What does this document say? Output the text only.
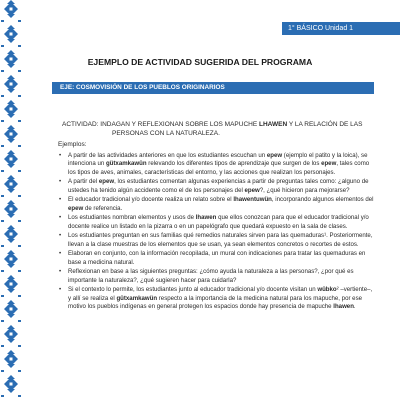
1° BÁSICO Unidad 1
EJEMPLO DE ACTIVIDAD SUGERIDA DEL PROGRAMA
EJE: COSMOVISIÓN DE LOS PUEBLOS ORIGINARIOS
ACTIVIDAD: INDAGAN Y REFLEXIONAN SOBRE LOS MAPUCHE LHAWEN Y LA RELACIÓN DE LAS
PERSONAS CON LA NATURALEZA.
Ejemplos:
• A partir de las actividades anteriores en que los estudiantes escuchan un epew (ejemplo el patito y la loica), se intenciona un gütxamkawün relevando los diferentes tipos de aprendizaje que surgen de los epew, tales como los tipos de aves, animales, características del entorno, y las acciones que realizan los personajes.
• A partir del epew, los estudiantes comentan algunas experiencias a partir de preguntas tales como: ¿alguno de ustedes ha tenido algún accidente como el de los personajes del epew?, ¿qué hicieron para mejorarse?
• El educador tradicional y/o docente realiza un relato sobre el lhawentuwün, incorporando algunos elementos del epew de referencia.
• Los estudiantes nombran elementos y usos de lhawen que ellos conozcan para que el educador tradicional y/o docente realice un listado en la pizarra o en un papelógrafo que quedará expuesto en la sala de clases.
• Los estudiantes preguntan en sus familias qué remedios naturales sirven para las quemaduras¹. Posteriormente, llevan a la clase muestras de los elementos que se usan, ya sean elementos concretos o recortes de estos.
• Elaboran en conjunto, con la información recopilada, un mural con indicaciones para tratar las quemaduras en base a medicina natural.
• Reflexionan en base a las siguientes preguntas: ¿cómo ayuda la naturaleza a las personas?, ¿por qué es importante la naturaleza?, ¿qué sugieren hacer para cuidarla?
• Si el contexto lo permite, los estudiantes junto al educador tradicional y/o docente visitan un wübko² –vertiente–, y allí se realiza el gütxamkawün respecto a la importancia de la medicina natural para los mapuche, por ese motivo los pueblos indígenas en general protegen los espacios donde hay presencia de mapuche lhawen.
